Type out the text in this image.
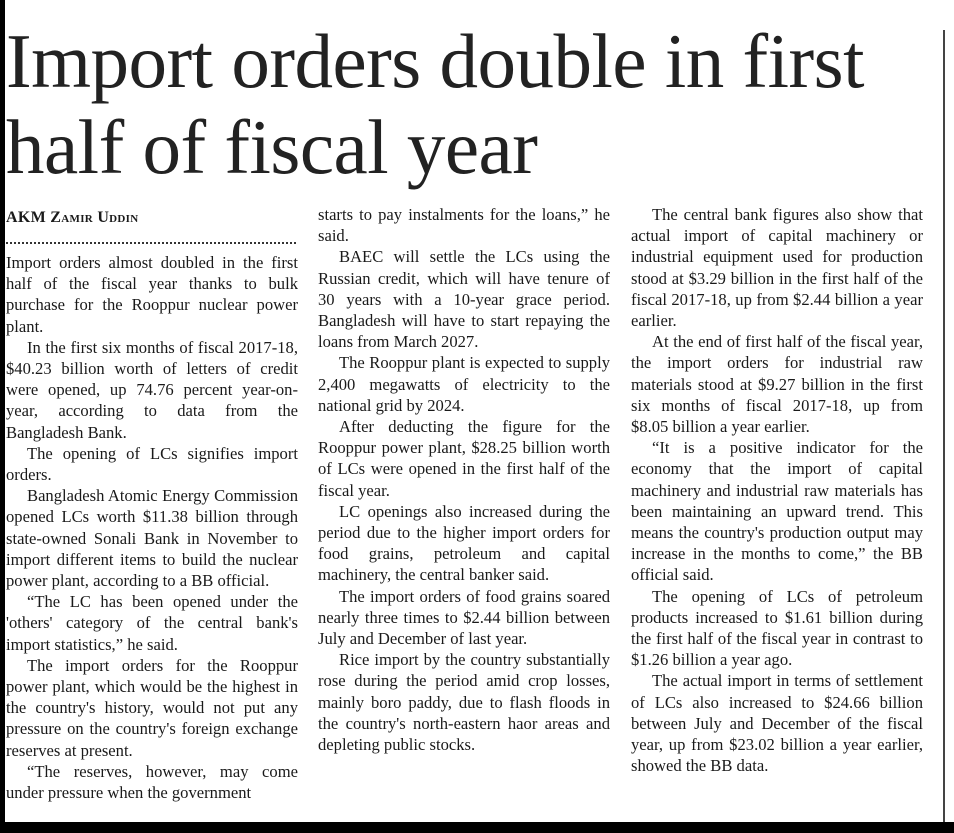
Import orders double in first half of fiscal year
AKM Zamir Uddin

Import orders almost doubled in the first half of the fiscal year thanks to bulk purchase for the Rooppur nuclear power plant.

In the first six months of fiscal 2017-18, $40.23 billion worth of letters of credit were opened, up 74.76 percent year-on-year, according to data from the Bangladesh Bank.

The opening of LCs signifies import orders.

Bangladesh Atomic Energy Commission opened LCs worth $11.38 billion through state-owned Sonali Bank in November to import different items to build the nuclear power plant, according to a BB official.

“The LC has been opened under the 'others' category of the central bank's import statistics,” he said.

The import orders for the Rooppur power plant, which would be the highest in the country's history, would not put any pressure on the country's foreign exchange reserves at present.

“The reserves, however, may come under pressure when the government

starts to pay instalments for the loans,” he said.

BAEC will settle the LCs using the Russian credit, which will have tenure of 30 years with a 10-year grace period. Bangladesh will have to start repaying the loans from March 2027.

The Rooppur plant is expected to supply 2,400 megawatts of electricity to the national grid by 2024.

After deducting the figure for the Rooppur power plant, $28.25 billion worth of LCs were opened in the first half of the fiscal year.

LC openings also increased during the period due to the higher import orders for food grains, petroleum and capital machinery, the central banker said.

The import orders of food grains soared nearly three times to $2.44 billion between July and December of last year.

Rice import by the country substantially rose during the period amid crop losses, mainly boro paddy, due to flash floods in the country's north-eastern haor areas and depleting public stocks.

The central bank figures also show that actual import of capital machinery or industrial equipment used for production stood at $3.29 billion in the first half of the fiscal 2017-18, up from $2.44 billion a year earlier.

At the end of first half of the fiscal year, the import orders for industrial raw materials stood at $9.27 billion in the first six months of fiscal 2017-18, up from $8.05 billion a year earlier.

“It is a positive indicator for the economy that the import of capital machinery and industrial raw materials has been maintaining an upward trend. This means the country's production output may increase in the months to come,” the BB official said.

The opening of LCs of petroleum products increased to $1.61 billion during the first half of the fiscal year in contrast to $1.26 billion a year ago.

The actual import in terms of settlement of LCs also increased to $24.66 billion between July and December of the fiscal year, up from $23.02 billion a year earlier, showed the BB data.
